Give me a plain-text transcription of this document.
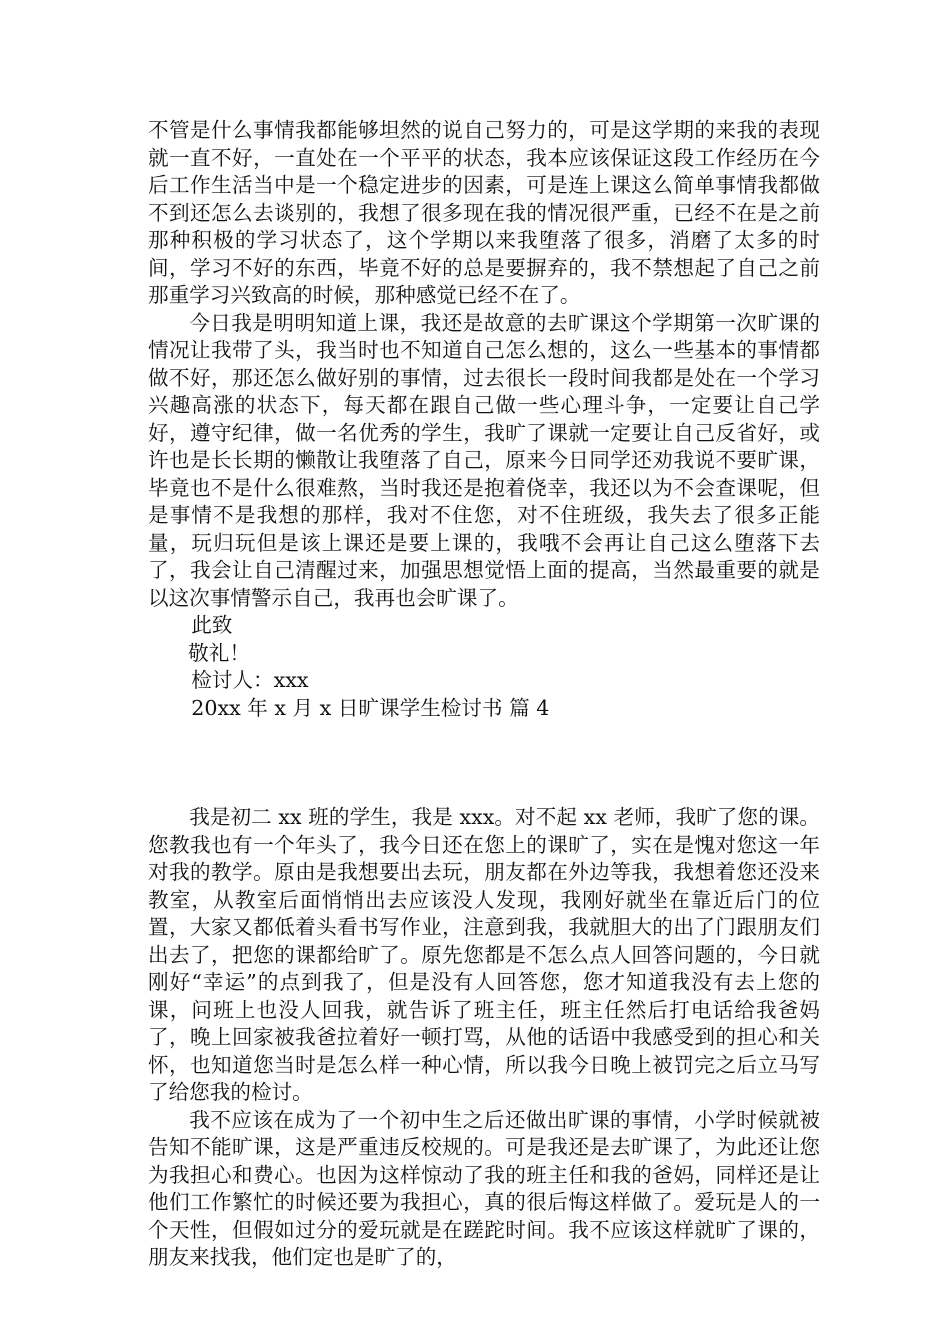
不管是什么事情我都能够坦然的说自己努力的，可是这学期的来我的表现就一直不好，一直处在一个平平的状态，我本应该保证这段工作经历在今后工作生活当中是一个稳定进步的因素，可是连上课这么简单事情我都做不到还怎么去谈别的，我想了很多现在我的情况很严重，已经不在是之前那种积极的学习状态了，这个学期以来我堕落了很多，消磨了太多的时间，学习不好的东西，毕竟不好的总是要摒弃的，我不禁想起了自己之前那重学习兴致高的时候，那种感觉已经不在了。

今日我是明明知道上课，我还是故意的去旷课这个学期第一次旷课的情况让我带了头，我当时也不知道自己怎么想的，这么一些基本的事情都做不好，那还怎么做好别的事情，过去很长一段时间我都是处在一个学习兴趣高涨的状态下，每天都在跟自己做一些心理斗争，一定要让自己学好，遵守纪律，做一名优秀的学生，我旷了课就一定要让自己反省好，或许也是长长期的懒散让我堕落了自己，原来今日同学还劝我说不要旷课，毕竟也不是什么很难熬，当时我还是抱着侥幸，我还以为不会查课呢，但是事情不是我想的那样，我对不住您，对不住班级，我失去了很多正能量，玩归玩但是该上课还是要上课的，我哦不会再让自己这么堕落下去了，我会让自己清醒过来，加强思想觉悟上面的提高，当然最重要的就是以这次事情警示自己，我再也会旷课了。

此致

敬礼！

检讨人：xxx

20xx 年 x 月 x 日旷课学生检讨书 篇 4

我是初二 xx 班的学生，我是 xxx。对不起 xx 老师，我旷了您的课。您教我也有一个年头了，我今日还在您上的课旷了，实在是愧对您这一年对我的教学。原由是我想要出去玩，朋友都在外边等我，我想着您还没来教室，从教室后面悄悄出去应该没人发现，我刚好就坐在靠近后门的位置，大家又都低着头看书写作业，注意到我，我就胆大的出了门跟朋友们出去了，把您的课都给旷了。原先您都是不怎么点人回答问题的，今日就刚好“幸运”的点到我了，但是没有人回答您，您才知道我没有去上您的课，问班上也没人回我，就告诉了班主任，班主任然后打电话给我爸妈了，晚上回家被我爸拉着好一顿打骂，从他的话语中我感受到的担心和关怀，也知道您当时是怎么样一种心情，所以我今日晚上被罚完之后立马写了给您我的检讨。

我不应该在成为了一个初中生之后还做出旷课的事情，小学时候就被告知不能旷课，这是严重违反校规的。可是我还是去旷课了，为此还让您为我担心和费心。也因为这样惊动了我的班主任和我的爸妈，同样还是让他们工作繁忙的时候还要为我担心，真的很后悔这样做了。爱玩是人的一个天性，但假如过分的爱玩就是在蹉跎时间。我不应该这样就旷了课的，朋友来找我，他们定也是旷了的，
